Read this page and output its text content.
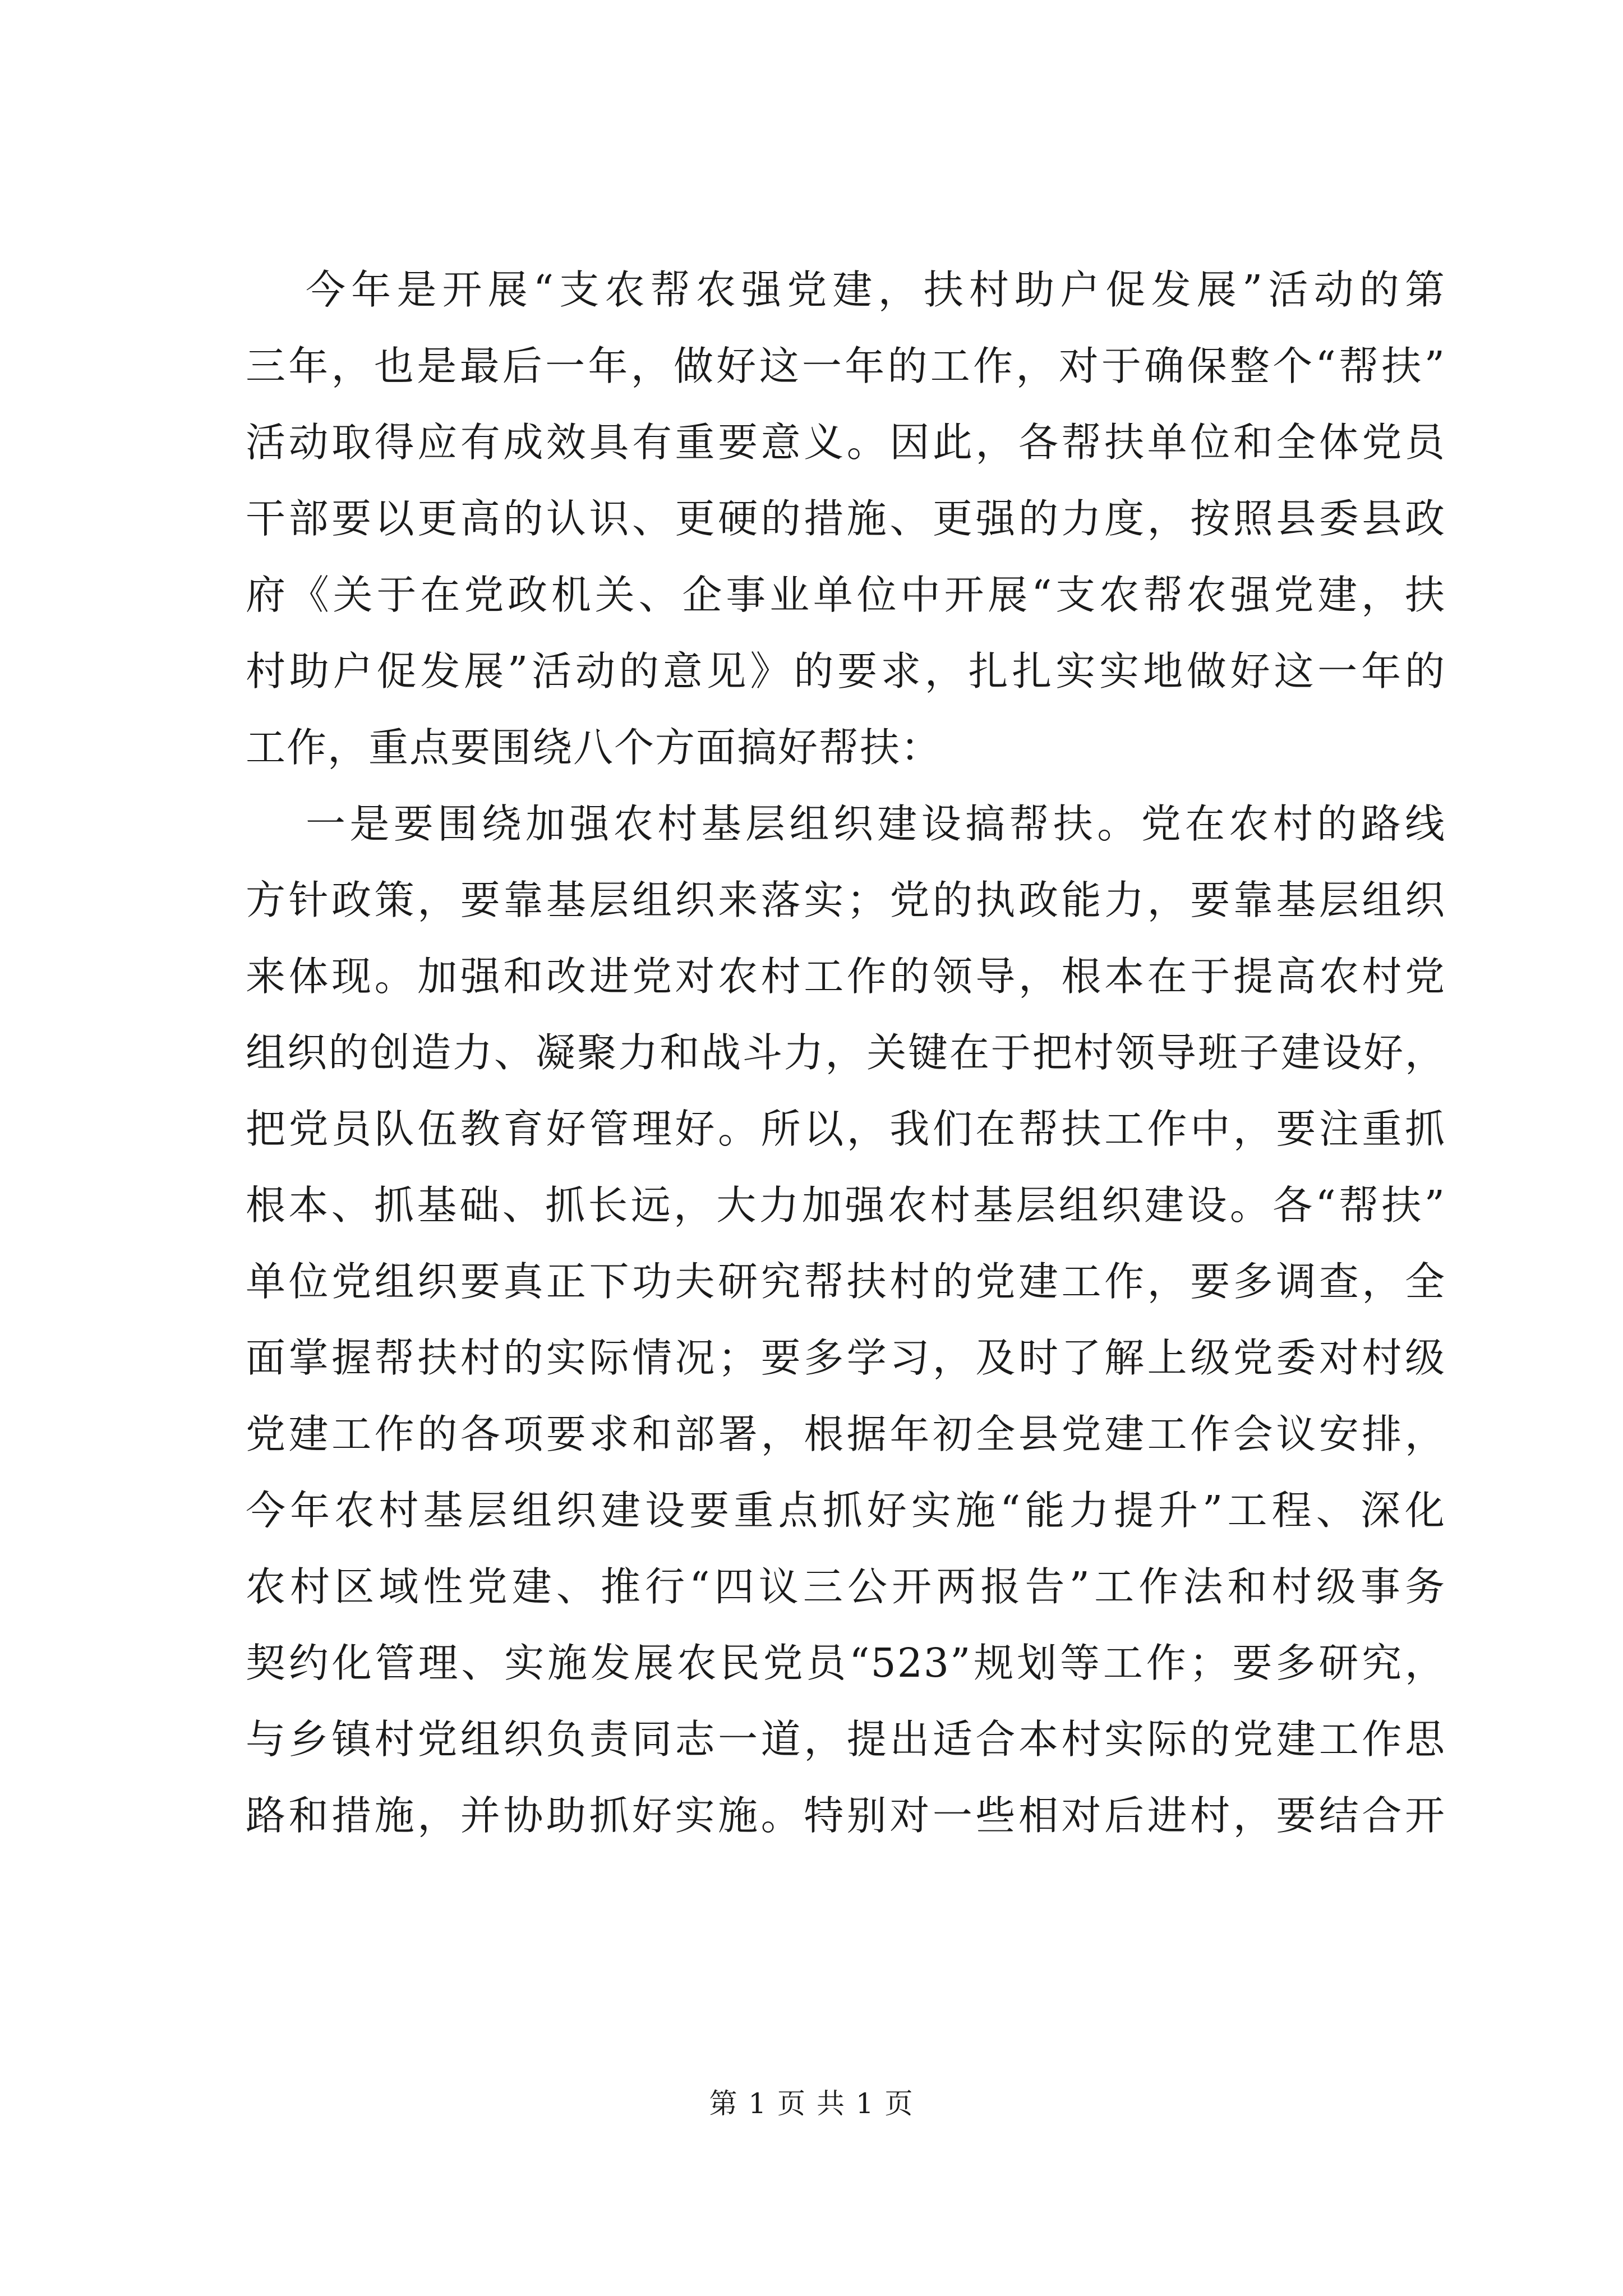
今年是开展“支农帮农强党建，扶村助户促发展”活动的第
三年，也是最后一年，做好这一年的工作，对于确保整个“帮扶”
活动取得应有成效具有重要意义。因此，各帮扶单位和全体党员
干部要以更高的认识、更硬的措施、更强的力度，按照县委县政
府《关于在党政机关、企事业单位中开展“支农帮农强党建，扶
村助户促发展”活动的意见》的要求，扎扎实实地做好这一年的
工作，重点要围绕八个方面搞好帮扶：
一是要围绕加强农村基层组织建设搞帮扶。党在农村的路线
方针政策，要靠基层组织来落实；党的执政能力，要靠基层组织
来体现。加强和改进党对农村工作的领导，根本在于提高农村党
组织的创造力、凝聚力和战斗力，关键在于把村领导班子建设好，
把党员队伍教育好管理好。所以，我们在帮扶工作中，要注重抓
根本、抓基础、抓长远，大力加强农村基层组织建设。各“帮扶”
单位党组织要真正下功夫研究帮扶村的党建工作，要多调查，全
面掌握帮扶村的实际情况；要多学习，及时了解上级党委对村级
党建工作的各项要求和部署，根据年初全县党建工作会议安排，
今年农村基层组织建设要重点抓好实施“能力提升”工程、深化
农村区域性党建、推行“四议三公开两报告”工作法和村级事务
契约化管理、实施发展农民党员“523”规划等工作；要多研究，
与乡镇村党组织负责同志一道，提出适合本村实际的党建工作思
路和措施，并协助抓好实施。特别对一些相对后进村，要结合开
第 1 页 共 1 页
